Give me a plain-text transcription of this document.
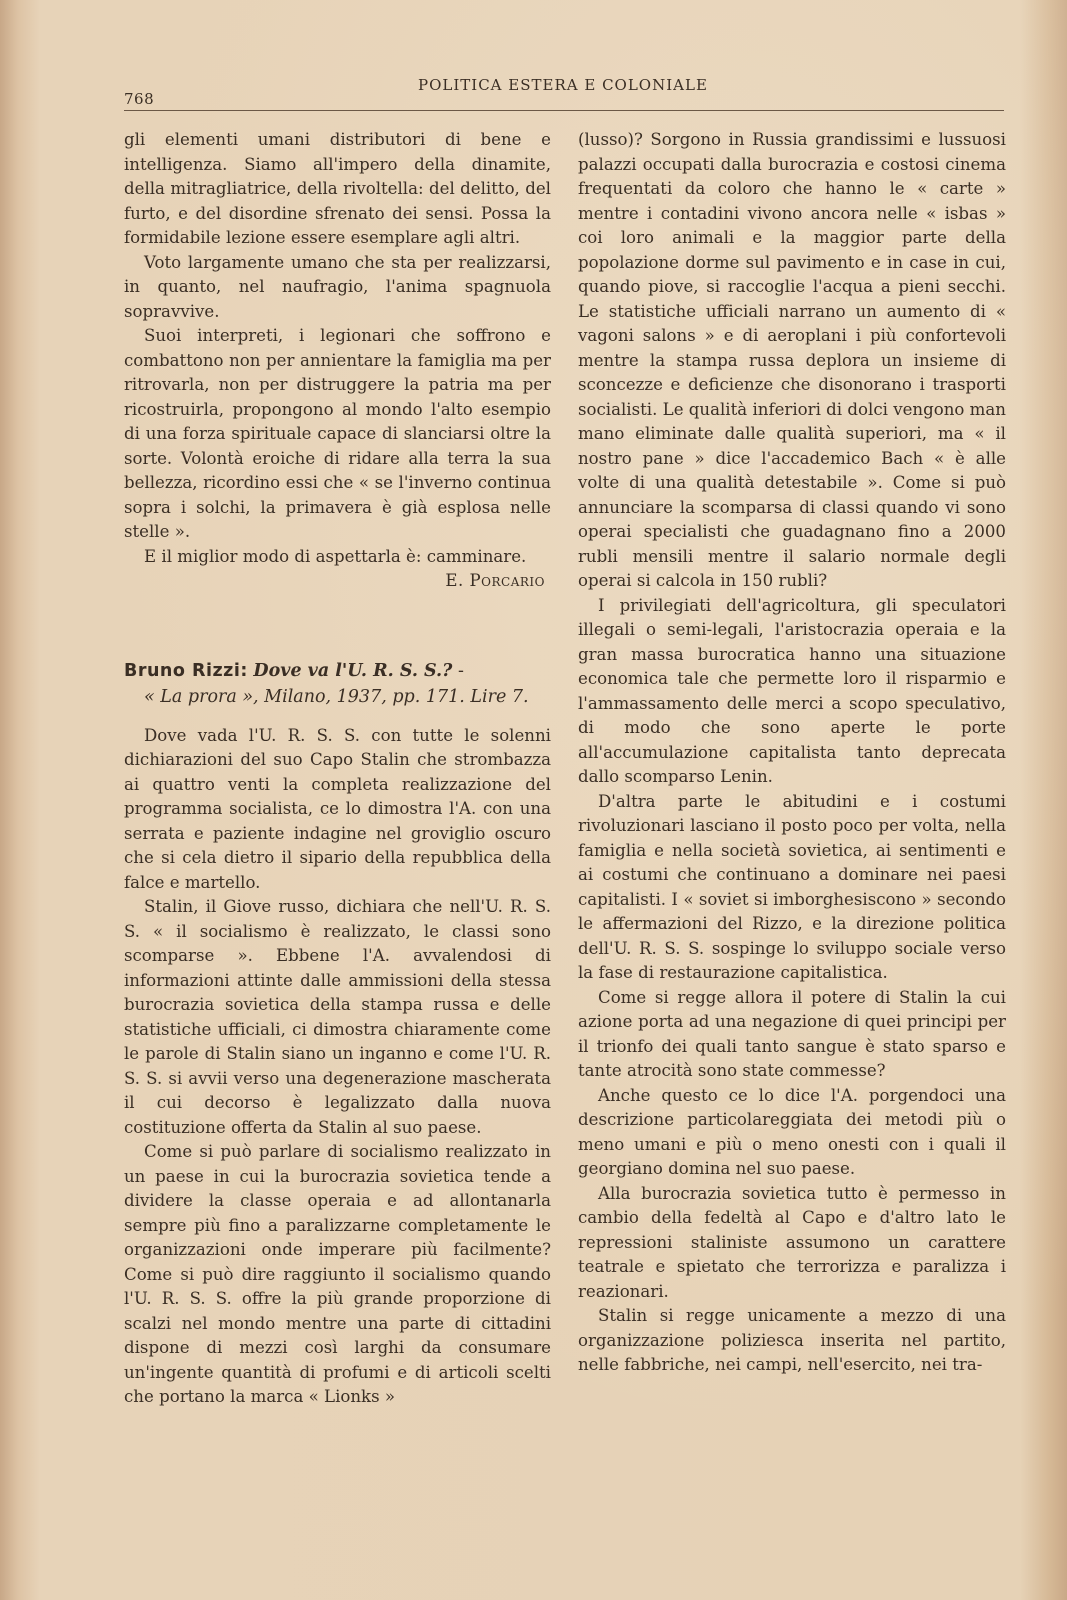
768
POLITICA ESTERA E COLONIALE

gli elementi umani distributori di bene e intelligenza. Siamo all'impero della dinamite, della mitragliatrice, della rivoltella: del delitto, del furto, e del disordine sfrenato dei sensi. Possa la formidabile lezione essere esemplare agli altri.

Voto largamente umano che sta per realizzarsi, in quanto, nel naufragio, l'anima spagnuola sopravvive.

Suoi interpreti, i legionari che soffrono e combattono non per annientare la famiglia ma per ritrovarla, non per distruggere la patria ma per ricostruirla, propongono al mondo l'alto esempio di una forza spirituale capace di slanciarsi oltre la sorte. Volontà eroiche di ridare alla terra la sua bellezza, ricordino essi che « se l'inverno continua sopra i solchi, la primavera è già esplosa nelle stelle ».

E il miglior modo di aspettarla è: camminare.

E. Porcario

Bruno Rizzi: Dove va l'U. R. S. S.? -
« La prora », Milano, 1937, pp. 171. Lire 7.

Dove vada l'U. R. S. S. con tutte le solenni dichiarazioni del suo Capo Stalin che strombazza ai quattro venti la completa realizzazione del programma socialista, ce lo dimostra l'A. con una serrata e paziente indagine nel groviglio oscuro che si cela dietro il sipario della repubblica della falce e martello.

Stalin, il Giove russo, dichiara che nell'U. R. S. S. « il socialismo è realizzato, le classi sono scomparse ». Ebbene l'A. avvalendosi di informazioni attinte dalle ammissioni della stessa burocrazia sovietica della stampa russa e delle statistiche ufficiali, ci dimostra chiaramente come le parole di Stalin siano un inganno e come l'U. R. S. S. si avvii verso una degenerazione mascherata il cui decorso è legalizzato dalla nuova costituzione offerta da Stalin al suo paese.

Come si può parlare di socialismo realizzato in un paese in cui la burocrazia sovietica tende a dividere la classe operaia e ad allontanarla sempre più fino a paralizzarne completamente le organizzazioni onde imperare più facilmente? Come si può dire raggiunto il socialismo quando l'U. R. S. S. offre la più grande proporzione di scalzi nel mondo mentre una parte di cittadini dispone di mezzi così larghi da consumare un'ingente quantità di profumi e di articoli scelti che portano la marca « Lionks »

(lusso)? Sorgono in Russia grandissimi e lussuosi palazzi occupati dalla burocrazia e costosi cinema frequentati da coloro che hanno le « carte » mentre i contadini vivono ancora nelle « isbas » coi loro animali e la maggior parte della popolazione dorme sul pavimento e in case in cui, quando piove, si raccoglie l'acqua a pieni secchi. Le statistiche ufficiali narrano un aumento di « vagoni salons » e di aeroplani i più confortevoli mentre la stampa russa deplora un insieme di sconcezze e deficienze che disonorano i trasporti socialisti. Le qualità inferiori di dolci vengono man mano eliminate dalle qualità superiori, ma « il nostro pane » dice l'accademico Bach « è alle volte di una qualità detestabile ». Come si può annunciare la scomparsa di classi quando vi sono operai specialisti che guadagnano fino a 2000 rubli mensili mentre il salario normale degli operai si calcola in 150 rubli?

I privilegiati dell'agricoltura, gli speculatori illegali o semi-legali, l'aristocrazia operaia e la gran massa burocratica hanno una situazione economica tale che permette loro il risparmio e l'ammassamento delle merci a scopo speculativo, di modo che sono aperte le porte all'accumulazione capitalista tanto deprecata dallo scomparso Lenin.

D'altra parte le abitudini e i costumi rivoluzionari lasciano il posto poco per volta, nella famiglia e nella società sovietica, ai sentimenti e ai costumi che continuano a dominare nei paesi capitalisti. I « soviet si imborghesiscono » secondo le affermazioni del Rizzo, e la direzione politica dell'U. R. S. S. sospinge lo sviluppo sociale verso la fase di restaurazione capitalistica.

Come si regge allora il potere di Stalin la cui azione porta ad una negazione di quei principi per il trionfo dei quali tanto sangue è stato sparso e tante atrocità sono state commesse?

Anche questo ce lo dice l'A. porgendoci una descrizione particolareggiata dei metodi più o meno umani e più o meno onesti con i quali il georgiano domina nel suo paese.

Alla burocrazia sovietica tutto è permesso in cambio della fedeltà al Capo e d'altro lato le repressioni staliniste assumono un carattere teatrale e spietato che terrorizza e paralizza i reazionari.

Stalin si regge unicamente a mezzo di una organizzazione poliziesca inserita nel partito, nelle fabbriche, nei campi, nell'esercito, nei tra-
